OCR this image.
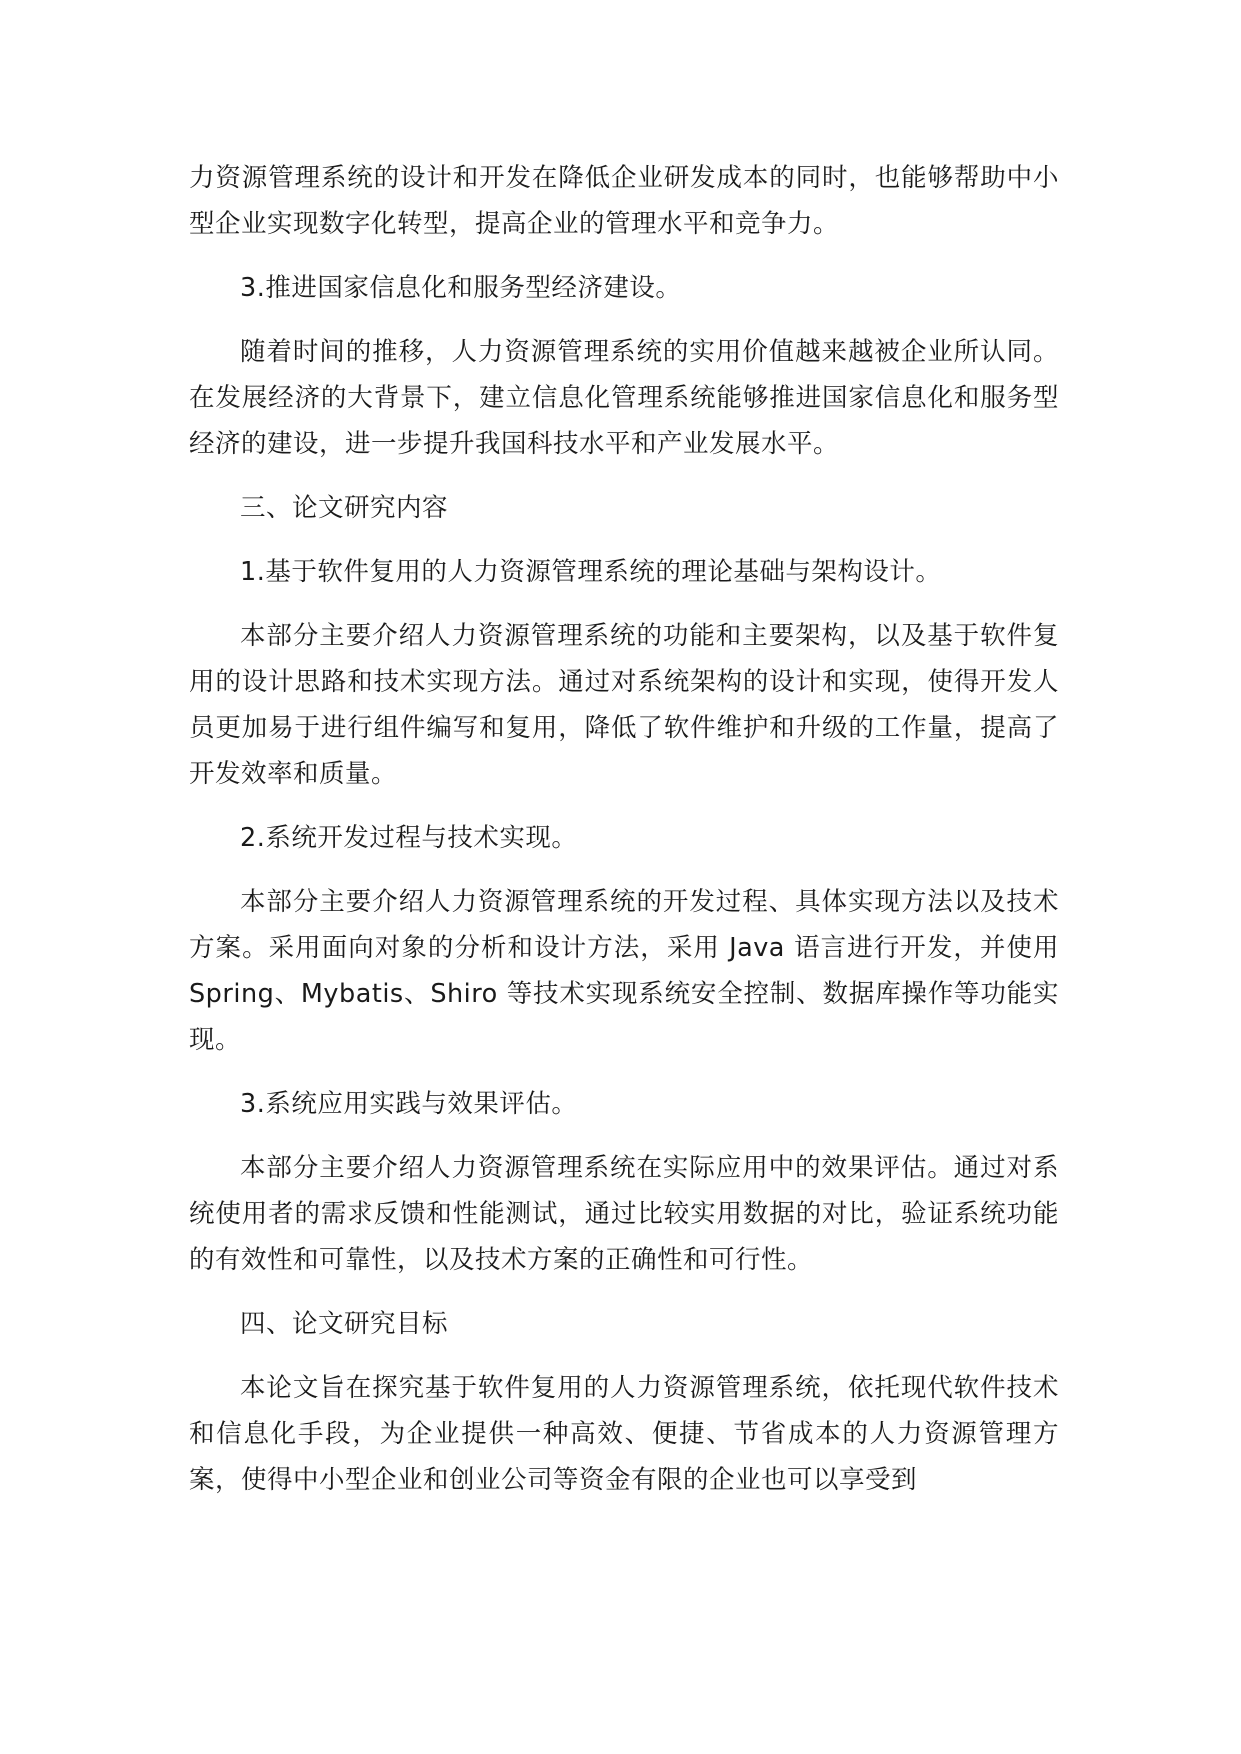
力资源管理系统的设计和开发在降低企业研发成本的同时，也能够帮助中小型企业实现数字化转型，提高企业的管理水平和竞争力。

3.推进国家信息化和服务型经济建设。

随着时间的推移，人力资源管理系统的实用价值越来越被企业所认同。在发展经济的大背景下，建立信息化管理系统能够推进国家信息化和服务型经济的建设，进一步提升我国科技水平和产业发展水平。

三、论文研究内容

1.基于软件复用的人力资源管理系统的理论基础与架构设计。

本部分主要介绍人力资源管理系统的功能和主要架构，以及基于软件复用的设计思路和技术实现方法。通过对系统架构的设计和实现，使得开发人员更加易于进行组件编写和复用，降低了软件维护和升级的工作量，提高了开发效率和质量。

2.系统开发过程与技术实现。

本部分主要介绍人力资源管理系统的开发过程、具体实现方法以及技术方案。采用面向对象的分析和设计方法，采用 Java 语言进行开发，并使用 Spring、Mybatis、Shiro 等技术实现系统安全控制、数据库操作等功能实现。

3.系统应用实践与效果评估。

本部分主要介绍人力资源管理系统在实际应用中的效果评估。通过对系统使用者的需求反馈和性能测试，通过比较实用数据的对比，验证系统功能的有效性和可靠性，以及技术方案的正确性和可行性。

四、论文研究目标

本论文旨在探究基于软件复用的人力资源管理系统，依托现代软件技术和信息化手段，为企业提供一种高效、便捷、节省成本的人力资源管理方案，使得中小型企业和创业公司等资金有限的企业也可以享受到
